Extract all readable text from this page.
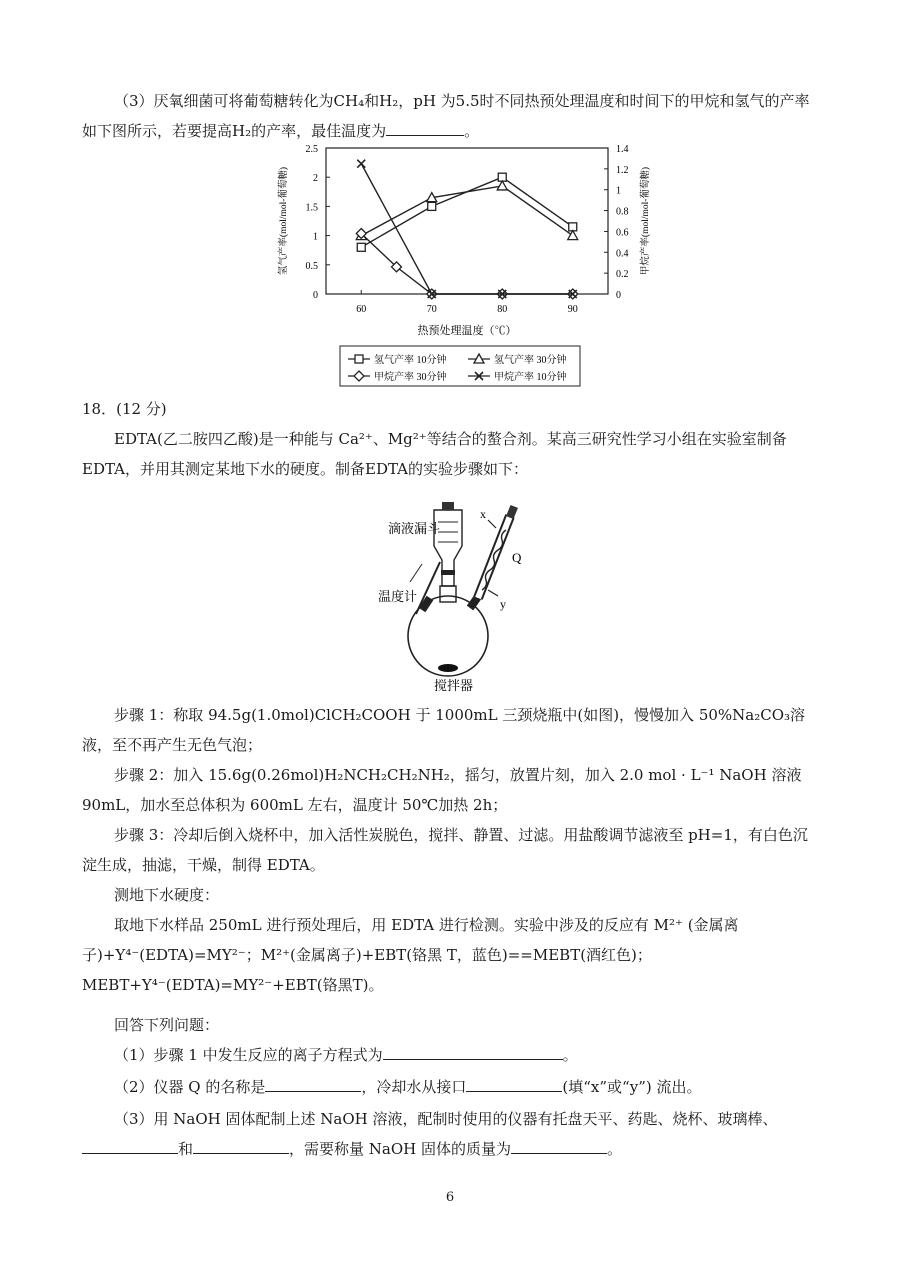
（3）厌氧细菌可将葡萄糖转化为CH₄和H₂，pH 为5.5时不同热预处理温度和时间下的甲烷和氢气的产率如下图所示，若要提高H₂的产率，最佳温度为	。

0
0.5
1
1.5
2
2.5
0
0.2
0.4
0.6
0.8
1
1.2
1.4
60	70	80	90
热预处理温度（℃）
氢气产率(mol/mol-葡萄糖)	甲烷产率(mol/mol-葡萄糖)
氢气产率 10分钟	氢气产率 30分钟
甲烷产率 30分钟	甲烷产率 10分钟

18．(12 分)

EDTA(乙二胺四乙酸)是一种能与 Ca²⁺、Mg²⁺等结合的螯合剂。某高三研究性学习小组在实验室制备EDTA，并用其测定某地下水的硬度。制备EDTA的实验步骤如下：

滴液漏斗
温度计
搅拌器
x
Q
y

步骤 1：称取 94.5g(1.0mol)ClCH₂COOH 于 1000mL 三颈烧瓶中(如图)，慢慢加入 50%Na₂CO₃溶液，至不再产生无色气泡；

步骤 2：加入 15.6g(0.26mol)H₂NCH₂CH₂NH₂，摇匀，放置片刻，加入 2.0 mol · L⁻¹ NaOH 溶液 90mL，加水至总体积为 600mL 左右，温度计 50℃加热 2h；

步骤 3：冷却后倒入烧杯中，加入活性炭脱色，搅拌、静置、过滤。用盐酸调节滤液至 pH=1，有白色沉淀生成，抽滤，干燥，制得 EDTA。

测地下水硬度：

取地下水样品 250mL 进行预处理后，用 EDTA 进行检测。实验中涉及的反应有 M²⁺ (金属离子)+Y⁴⁻(EDTA)=MY²⁻；M²⁺(金属离子)+EBT(铬黑 T，蓝色)==MEBT(酒红色)；MEBT+Y⁴⁻(EDTA)=MY²⁻+EBT(铬黑T)。

回答下列问题：

（1）步骤 1 中发生反应的离子方程式为	。

（2）仪器 Q 的名称是	，冷却水从接口	(填“x”或“y”) 流出。

（3）用 NaOH 固体配制上述 NaOH 溶液，配制时使用的仪器有托盘天平、药匙、烧杯、玻璃棒、
和	，需要称量 NaOH 固体的质量为	。

6
